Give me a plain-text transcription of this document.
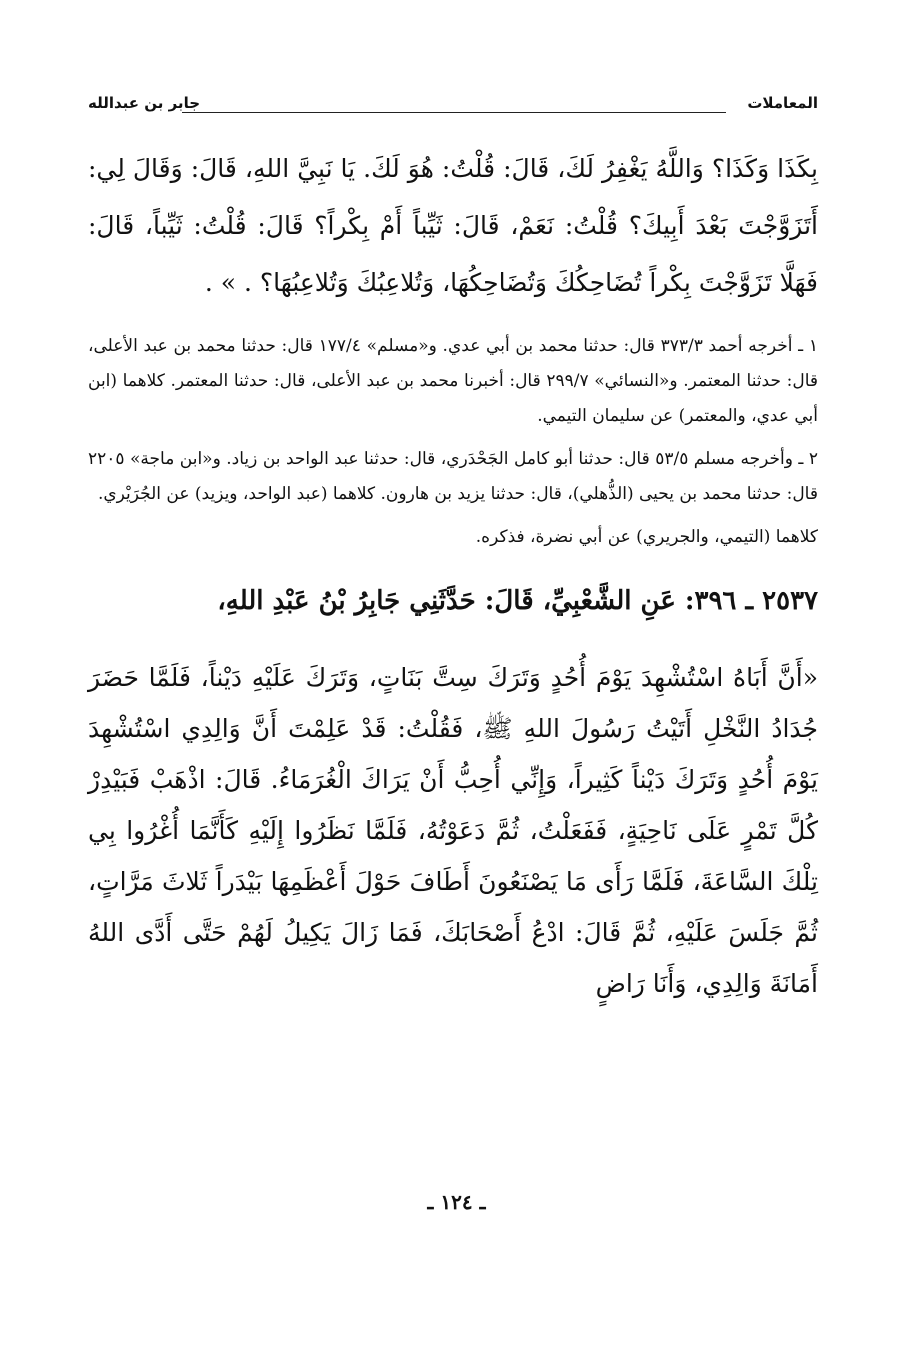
المعاملات
جابر بن عبدالله

بِكَذَا وَكَذَا؟ وَاللَّهُ يَغْفِرُ لَكَ، قَالَ: قُلْتُ: هُوَ لَكَ. يَا نَبِيَّ اللهِ، قَالَ: وَقَالَ لِي: أَتَزَوَّجْتَ بَعْدَ أَبِيكَ؟ قُلْتُ: نَعَمْ، قَالَ: ثَيِّباً أَمْ بِكْراً؟ قَالَ: قُلْتُ: ثَيِّباً، قَالَ: فَهَلَّا تَزَوَّجْتَ بِكْراً تُضَاحِكُكَ وَتُضَاحِكُهَا، وَتُلاعِبُكَ وَتُلاعِبُهَا؟ . » .

١ ـ أخرجه أحمد ٣٧٣/٣ قال: حدثنا محمد بن أبي عدي. و«مسلم» ١٧٧/٤ قال: حدثنا محمد بن عبد الأعلى، قال: حدثنا المعتمر. و«النسائي» ٢٩٩/٧ قال: أخبرنا محمد بن عبد الأعلى، قال: حدثنا المعتمر. كلاهما (ابن أبي عدي، والمعتمر) عن سليمان التيمي.

٢ ـ وأخرجه مسلم ٥٣/٥ قال: حدثنا أبو كامل الجَحْدَري، قال: حدثنا عبد الواحد بن زياد. و«ابن ماجة» ٢٢٠٥ قال: حدثنا محمد بن يحيى (الذُّهلي)، قال: حدثنا يزيد بن هارون. كلاهما (عبد الواحد، ويزيد) عن الجُرَيْري.

كلاهما (التيمي، والجريري) عن أبي نضرة، فذكره.

٢٥٣٧ ـ ٣٩٦: عَنِ الشَّعْبِيِّ، قَالَ: حَدَّثَنِي جَابِرُ بْنُ عَبْدِ اللهِ،

«أَنَّ أَبَاهُ اسْتُشْهِدَ يَوْمَ أُحُدٍ وَتَرَكَ سِتَّ بَنَاتٍ، وَتَرَكَ عَلَيْهِ دَيْناً، فَلَمَّا حَضَرَ جُدَادُ النَّخْلِ أَتَيْتُ رَسُولَ اللهِ ﷺ، فَقُلْتُ: قَدْ عَلِمْتَ أَنَّ وَالِدِي اسْتُشْهِدَ يَوْمَ أُحُدٍ وَتَرَكَ دَيْناً كَثِيراً، وَإِنِّي أُحِبُّ أَنْ يَرَاكَ الْغُرَمَاءُ. قَالَ: اذْهَبْ فَبَيْدِرْ كُلَّ تَمْرٍ عَلَى نَاحِيَةٍ، فَفَعَلْتُ، ثُمَّ دَعَوْتُهُ، فَلَمَّا نَظَرُوا إِلَيْهِ كَأَنَّمَا أُغْرُوا بِي تِلْكَ السَّاعَةَ، فَلَمَّا رَأَى مَا يَصْنَعُونَ أَطَافَ حَوْلَ أَعْظَمِهَا بَيْدَراً ثَلاثَ مَرَّاتٍ، ثُمَّ جَلَسَ عَلَيْهِ، ثُمَّ قَالَ: ادْعُ أَصْحَابَكَ، فَمَا زَالَ يَكِيلُ لَهُمْ حَتَّى أَدَّى اللهُ أَمَانَةَ وَالِدِي، وَأَنَا رَاضٍ

ـ ١٢٤ ـ
